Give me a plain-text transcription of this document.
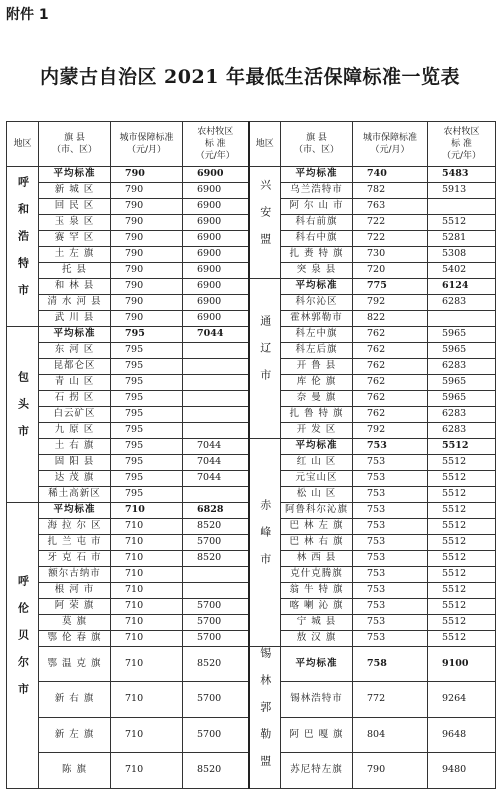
附件 1
内蒙古自治区 2021 年最低生活保障标准一览表
地区	旗 县
（市、区）	城市保障标准
（元/月）	农村牧区
标 准
（元/年）	地区	旗 县
（市、区）	城市保障标准
（元/月）	农村牧区
标 准
（元/年）
呼和浩特市	平均标准	790	6900	兴安盟	平均标准	740	5483
	新 城 区	790	6900		乌兰浩特市	782	5913
	回 民 区	790	6900		阿 尔 山 市	763	
	玉 泉 区	790	6900		科右前旗	722	5512
	赛 罕 区	790	6900		科右中旗	722	5281
	土 左 旗	790	6900		扎 赉 特 旗	730	5308
	托 县	790	6900		突 泉 县	720	5402
	和 林 县	790	6900	通辽市	平均标准	775	6124
	清 水 河 县	790	6900		科尔沁区	792	6283
	武 川 县	790	6900		霍林郭勒市	822	
包头市	平均标准	795	7044		科左中旗	762	5965
	东 河 区	795			科左后旗	762	5965
	昆都仑区	795			开 鲁 县	762	6283
	青 山 区	795			库 伦 旗	762	5965
	石 拐 区	795			奈 曼 旗	762	5965
	白云矿区	795			扎 鲁 特 旗	762	6283
	九 原 区	795			开 发 区	792	6283
	土 右 旗	795	7044	赤峰市	平均标准	753	5512
	固 阳 县	795	7044		红 山 区	753	5512
	达 茂 旗	795	7044		元宝山区	753	5512
	稀土高新区	795			松 山 区	753	5512
呼伦贝尔市	平均标准	710	6828		阿鲁科尔沁旗	753	5512
	海 拉 尔 区	710	8520		巴 林 左 旗	753	5512
	扎 兰 屯 市	710	5700		巴 林 右 旗	753	5512
	牙 克 石 市	710	8520		林 西 县	753	5512
	额尔古纳市	710			克什克腾旗	753	5512
	根 河 市	710			翁 牛 特 旗	753	5512
	阿 荣 旗	710	5700		喀 喇 沁 旗	753	5512
	莫 旗	710	5700		宁 城 县	753	5512
	鄂 伦 春 旗	710	5700		敖 汉 旗	753	5512
	鄂 温 克 旗	710	8520	锡林郭勒盟	平均标准	758	9100
	新 右 旗	710	5700		锡林浩特市	772	9264
	新 左 旗	710	5700		阿 巴 嘎 旗	804	9648
	陈 旗	710	8520		苏尼特左旗	790	9480
